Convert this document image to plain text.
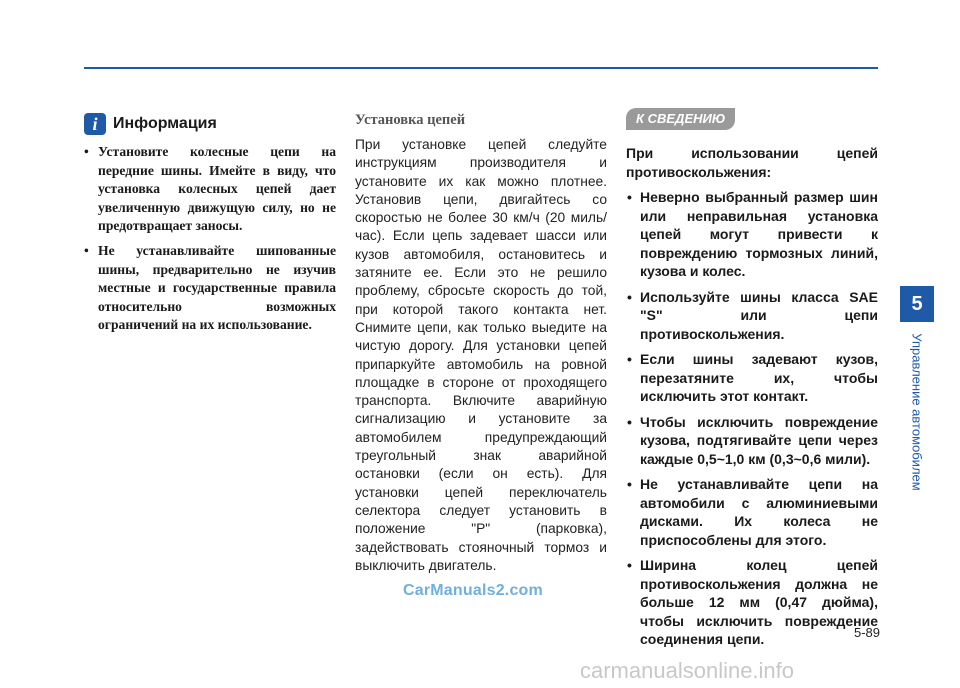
i Информация
• Установите колесные цепи на передние шины. Имейте в виду, что установка колесных цепей дает увеличенную движущую силу, но не предотвращает заносы.
• Не устанавливайте шипованные шины, предварительно не изучив местные и государственные правила относительно возможных ограничений на их использование.
Установка цепей

При установке цепей следуйте инструкциям производителя и установите их как можно плотнее. Установив цепи, двигайтесь со скоростью не более 30 км/ч (20 миль/час). Если цепь задевает шасси или кузов автомобиля, остановитесь и затяните ее. Если это не решило проблему, сбросьте скорость до той, при которой такого контакта нет. Снимите цепи, как только выедите на чистую дорогу. Для установки цепей припаркуйте автомобиль на ровной площадке в стороне от проходящего транспорта. Включите аварийную сигнализацию и установите за автомобилем предупреждающий треугольный знак аварийной остановки (если он есть). Для установки цепей переключатель селектора следует установить в положение "P" (парковка), задействовать стояночный тормоз и выключить двигатель.

К СВЕДЕНИЮ

При использовании цепей противоскольжения:

• Неверно выбранный размер шин или неправильная установка цепей могут привести к повреждению тормозных линий, кузова и колес.
• Используйте шины класса SAE "S" или цепи противоскольжения.
• Если шины задевают кузов, перезатяните их, чтобы исключить этот контакт.
• Чтобы исключить повреждение кузова, подтягивайте цепи через каждые 0,5~1,0 км (0,3~0,6 мили).
• Не устанавливайте цепи на автомобили с алюминиевыми дисками. Их колеса не приспособлены для этого.
• Ширина колец цепей противоскольжения должна не больше 12 мм (0,47 дюйма), чтобы исключить повреждение соединения цепи.
5
Управление автомобилем
5-89
CarManuals2.com
carmanualsonline.info
